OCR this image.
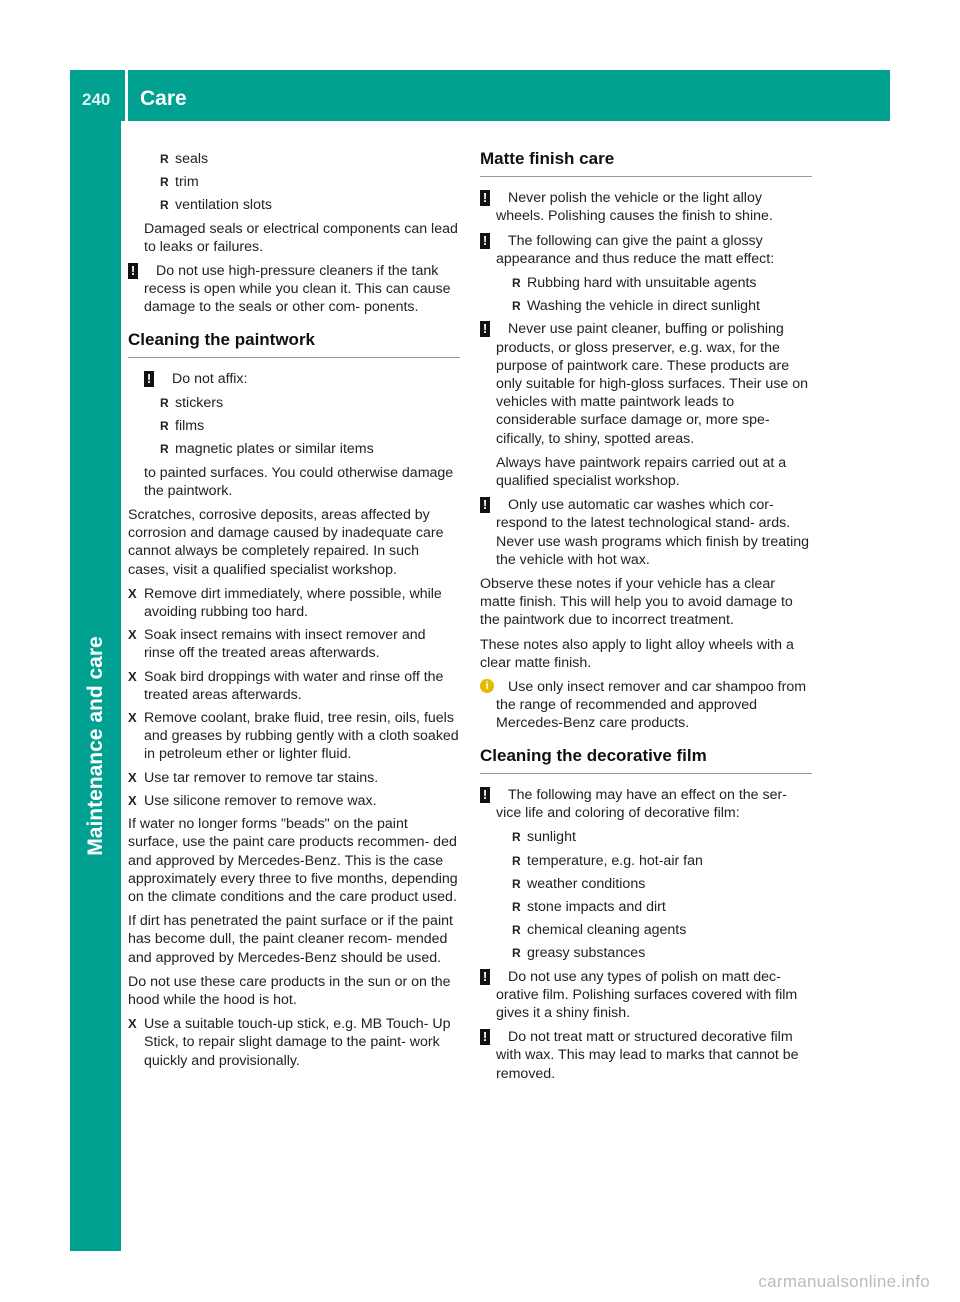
240 Care
Maintenance and care
R seals
R trim
R ventilation slots

Damaged seals or electrical components can lead to leaks or failures.

! Do not use high-pressure cleaners if the tank recess is open while you clean it. This can cause damage to the seals or other com- ponents.
Cleaning the paintwork
! Do not affix:
R stickers
R films
R magnetic plates or similar items

to painted surfaces. You could otherwise damage the paintwork.

Scratches, corrosive deposits, areas affected by corrosion and damage caused by inadequate care cannot always be completely repaired. In such cases, visit a qualified specialist workshop.

X Remove dirt immediately, where possible, while avoiding rubbing too hard.
X Soak insect remains with insect remover and rinse off the treated areas afterwards.
X Soak bird droppings with water and rinse off the treated areas afterwards.
X Remove coolant, brake fluid, tree resin, oils, fuels and greases by rubbing gently with a cloth soaked in petroleum ether or lighter fluid.
X Use tar remover to remove tar stains.
X Use silicone remover to remove wax.

If water no longer forms "beads" on the paint surface, use the paint care products recommen- ded and approved by Mercedes-Benz. This is the case approximately every three to five months, depending on the climate conditions and the care product used.

If dirt has penetrated the paint surface or if the paint has become dull, the paint cleaner recom- mended and approved by Mercedes-Benz should be used.

Do not use these care products in the sun or on the hood while the hood is hot.

X Use a suitable touch-up stick, e.g. MB Touch- Up Stick, to repair slight damage to the paint- work quickly and provisionally.
Matte finish care
! Never polish the vehicle or the light alloy wheels. Polishing causes the finish to shine.
! The following can give the paint a glossy appearance and thus reduce the matt effect:
R Rubbing hard with unsuitable agents
R Washing the vehicle in direct sunlight
! Never use paint cleaner, buffing or polishing products, or gloss preserver, e.g. wax, for the purpose of paintwork care. These products are only suitable for high-gloss surfaces. Their use on vehicles with matte paintwork leads to considerable surface damage or, more spe- cifically, to shiny, spotted areas.

Always have paintwork repairs carried out at a qualified specialist workshop.

! Only use automatic car washes which cor- respond to the latest technological stand- ards. Never use wash programs which finish by treating the vehicle with hot wax.

Observe these notes if your vehicle has a clear matte finish. This will help you to avoid damage to the paintwork due to incorrect treatment.

These notes also apply to light alloy wheels with a clear matte finish.

i	Use only insect remover and car shampoo from the range of recommended and approved Mercedes-Benz care products.
Cleaning the decorative film
! The following may have an effect on the ser- vice life and coloring of decorative film:
R sunlight
R temperature, e.g. hot-air fan
R weather conditions
R stone impacts and dirt
R chemical cleaning agents
R greasy substances
! Do not use any types of polish on matt dec- orative film. Polishing surfaces covered with film gives it a shiny finish.
! Do not treat matt or structured decorative film with wax. This may lead to marks that cannot be removed.
carmanualsonline.info
